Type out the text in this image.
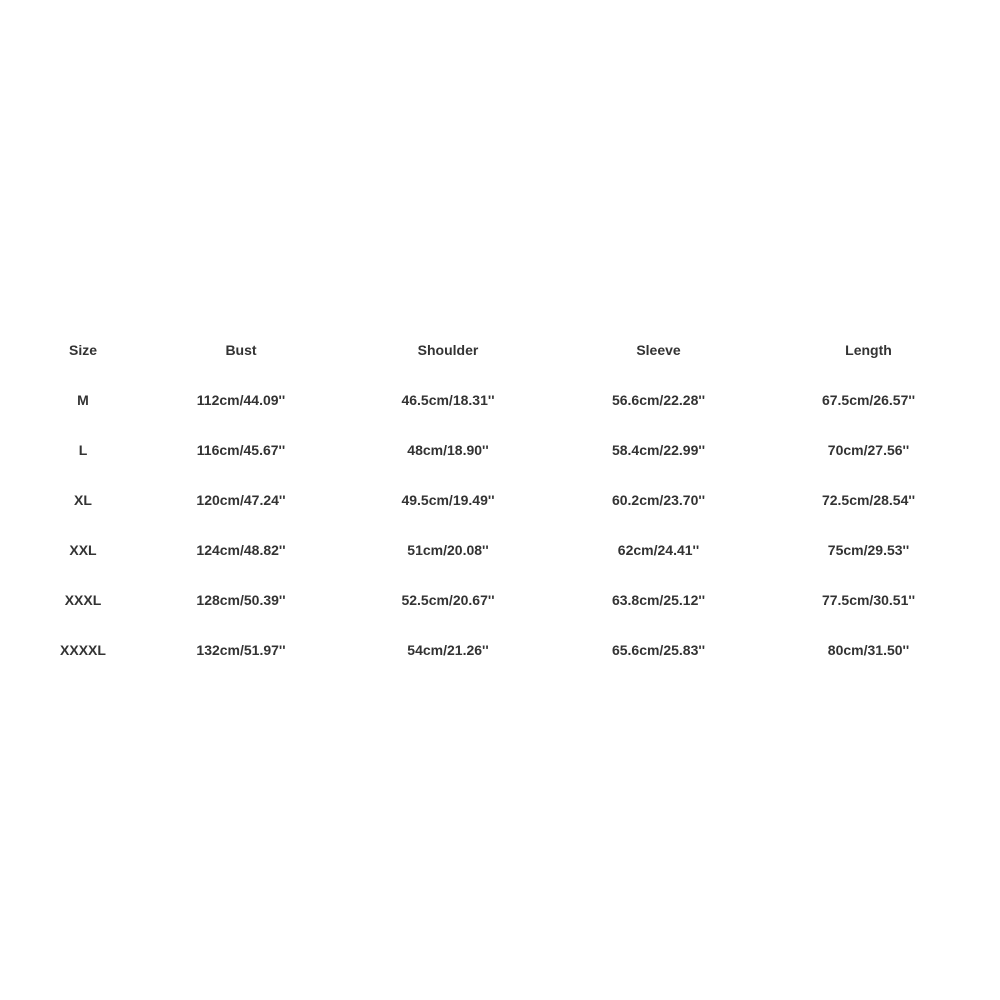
Size	Bust	Shoulder	Sleeve	Length
M	112cm/44.09''	46.5cm/18.31''	56.6cm/22.28''	67.5cm/26.57''
L	116cm/45.67''	48cm/18.90''	58.4cm/22.99''	70cm/27.56''
XL	120cm/47.24''	49.5cm/19.49''	60.2cm/23.70''	72.5cm/28.54''
XXL	124cm/48.82''	51cm/20.08''	62cm/24.41''	75cm/29.53''
XXXL	128cm/50.39''	52.5cm/20.67''	63.8cm/25.12''	77.5cm/30.51''
XXXXL	132cm/51.97''	54cm/21.26''	65.6cm/25.83''	80cm/31.50''
